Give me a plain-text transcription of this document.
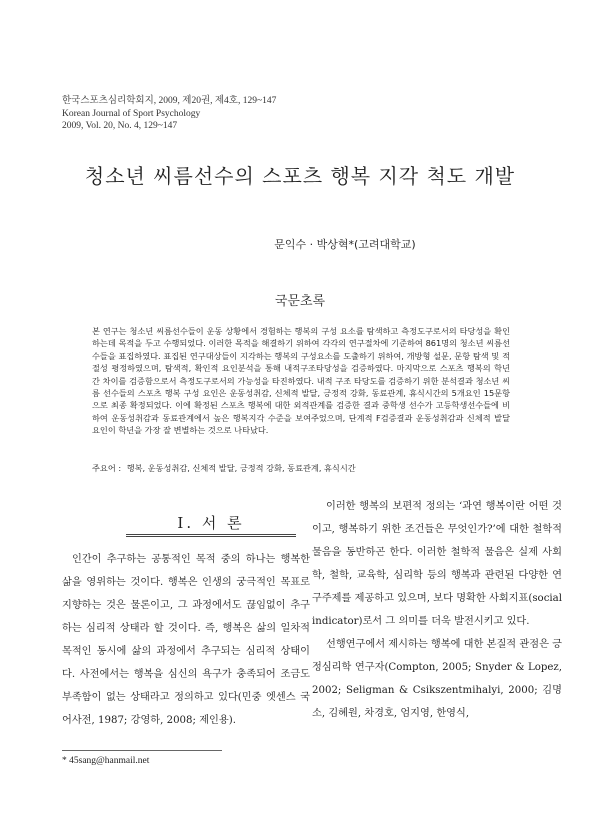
한국스포츠심리학회지, 2009, 제20권, 제4호, 129~147
Korean Journal of Sport Psychology
2009, Vol. 20, No. 4, 129~147
청소년 씨름선수의 스포츠 행복 지각 척도 개발
문익수 · 박상혁*(고려대학교)
국문초록
본 연구는 청소년 씨름선수들이 운동 상황에서 경험하는 행복의 구성 요소를 탐색하고 측정도구로서의 타당성을 확인하는데 목적을 두고 수행되었다. 이러한 목적을 해결하기 위하여 각각의 연구절차에 기준하여 861명의 청소년 씨름선수들을 표집하였다. 표집된 연구대상들이 지각하는 행복의 구성요소를 도출하기 위하여, 개방형 설문, 문항 탐색 및 적절성 평정하였으며, 탐색적, 확인적 요인분석을 통해 내적구조타당성을 검증하였다. 마지막으로 스포츠 행복의 학년 간 차이를 검증함으로서 측정도구로서의 가능성을 타진하였다. 내적 구조 타당도를 검증하기 위한 분석결과 청소년 씨름 선수들의 스포츠 행복 구성 요인은 운동성취감, 신체적 발달, 긍정적 강화, 동료관계, 휴식시간의 5개요인 15문항으로 최종 확정되었다. 이에 확정된 스포츠 행복에 대한 외적관계를 검증한 결과 중학생 선수가 고등학생선수들에 비하여 운동성취감과 동료관계에서 높은 행복지각 수준을 보여주었으며, 단계적 F검증결과 운동성취감과 신체적 발달 요인이 학년을 가장 잘 변별하는 것으로 나타났다.
주요어 : 행복, 운동성취감, 신체적 발달, 긍정적 강화, 동료관계, 휴식시간
Ⅰ. 서 론

인간이 추구하는 공통적인 목적 중의 하나는 행복한 삶을 영위하는 것이다. 행복은 인생의 궁극적인 목표로 지향하는 것은 물론이고, 그 과정에서도 끊임없이 추구하는 심리적 상태라 할 것이다. 즉, 행복은 삶의 일차적 목적인 동시에 삶의 과정에서 추구되는 심리적 상태이다. 사전에서는 행복을 심신의 욕구가 충족되어 조금도 부족함이 없는 상태라고 정의하고 있다(민중 엣센스 국어사전, 1987; 강영하, 2008; 제인용).

이러한 행복의 보편적 정의는 ‘과연 행복이란 어떤 것이고, 행복하기 위한 조건들은 무엇인가?’에 대한 철학적 물음을 동반하곤 한다. 이러한 철학적 물음은 실제 사회학, 철학, 교육학, 심리학 등의 행복과 관련된 다양한 연구주제를 제공하고 있으며, 보다 명확한 사회지표(social indicator)로서 그 의미를 더욱 발전시키고 있다.

선행연구에서 제시하는 행복에 대한 본질적 관점은 긍정심리학 연구자(Compton, 2005; Snyder & Lopez, 2002; Seligman & Csikszentmihalyi, 2000; 김명소, 김혜원, 차경호, 엄지영, 한영식,

* 45sang@hanmail.net
